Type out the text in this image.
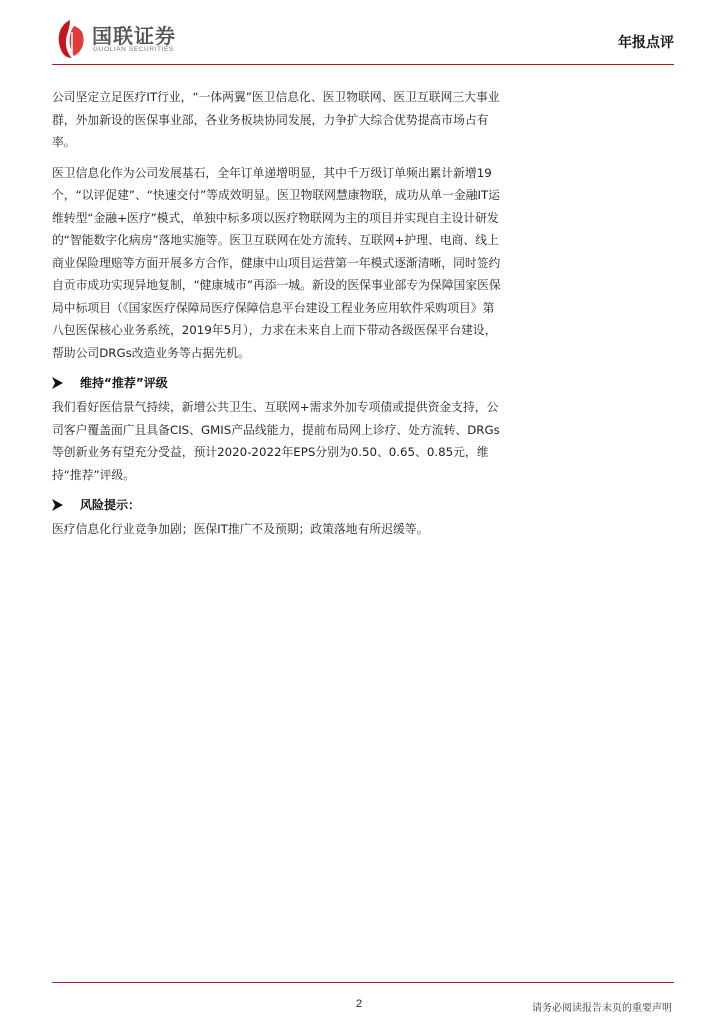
国联证券
GUOLIAN SECURITIES	年报点评

公司坚定立足医疗IT行业，“一体两翼”医卫信息化、医卫物联网、医卫互联网三大事业群，外加新设的医保事业部，各业务板块协同发展，力争扩大综合优势提高市场占有率。

医卫信息化作为公司发展基石，全年订单递增明显，其中千万级订单频出累计新增19个，“以评促建”、“快速交付”等成效明显。医卫物联网慧康物联，成功从单一金融IT运维转型“金融+医疗”模式，单独中标多项以医疗物联网为主的项目并实现自主设计研发的“智能数字化病房”落地实施等。医卫互联网在处方流转、互联网+护理、电商、线上商业保险理赔等方面开展多方合作，健康中山项目运营第一年模式逐渐清晰，同时签约自贡市成功实现异地复制，“健康城市”再添一城。新设的医保事业部专为保障国家医保局中标项目（《国家医疗保障局医疗保障信息平台建设工程业务应用软件采购项目》第八包医保核心业务系统，2019年5月），力求在未来自上而下带动各级医保平台建设，帮助公司DRGs改造业务等占据先机。

维持“推荐”评级

我们看好医信景气持续，新增公共卫生、互联网+需求外加专项债或提供资金支持，公司客户覆盖面广且具备CIS、GMIS产品线能力，提前布局网上诊疗、处方流转、DRGs等创新业务有望充分受益，预计2020-2022年EPS分别为0.50、0.65、0.85元，维持“推荐”评级。

风险提示：

医疗信息化行业竞争加剧；医保IT推广不及预期；政策落地有所迟缓等。

2	请务必阅读报告末页的重要声明
